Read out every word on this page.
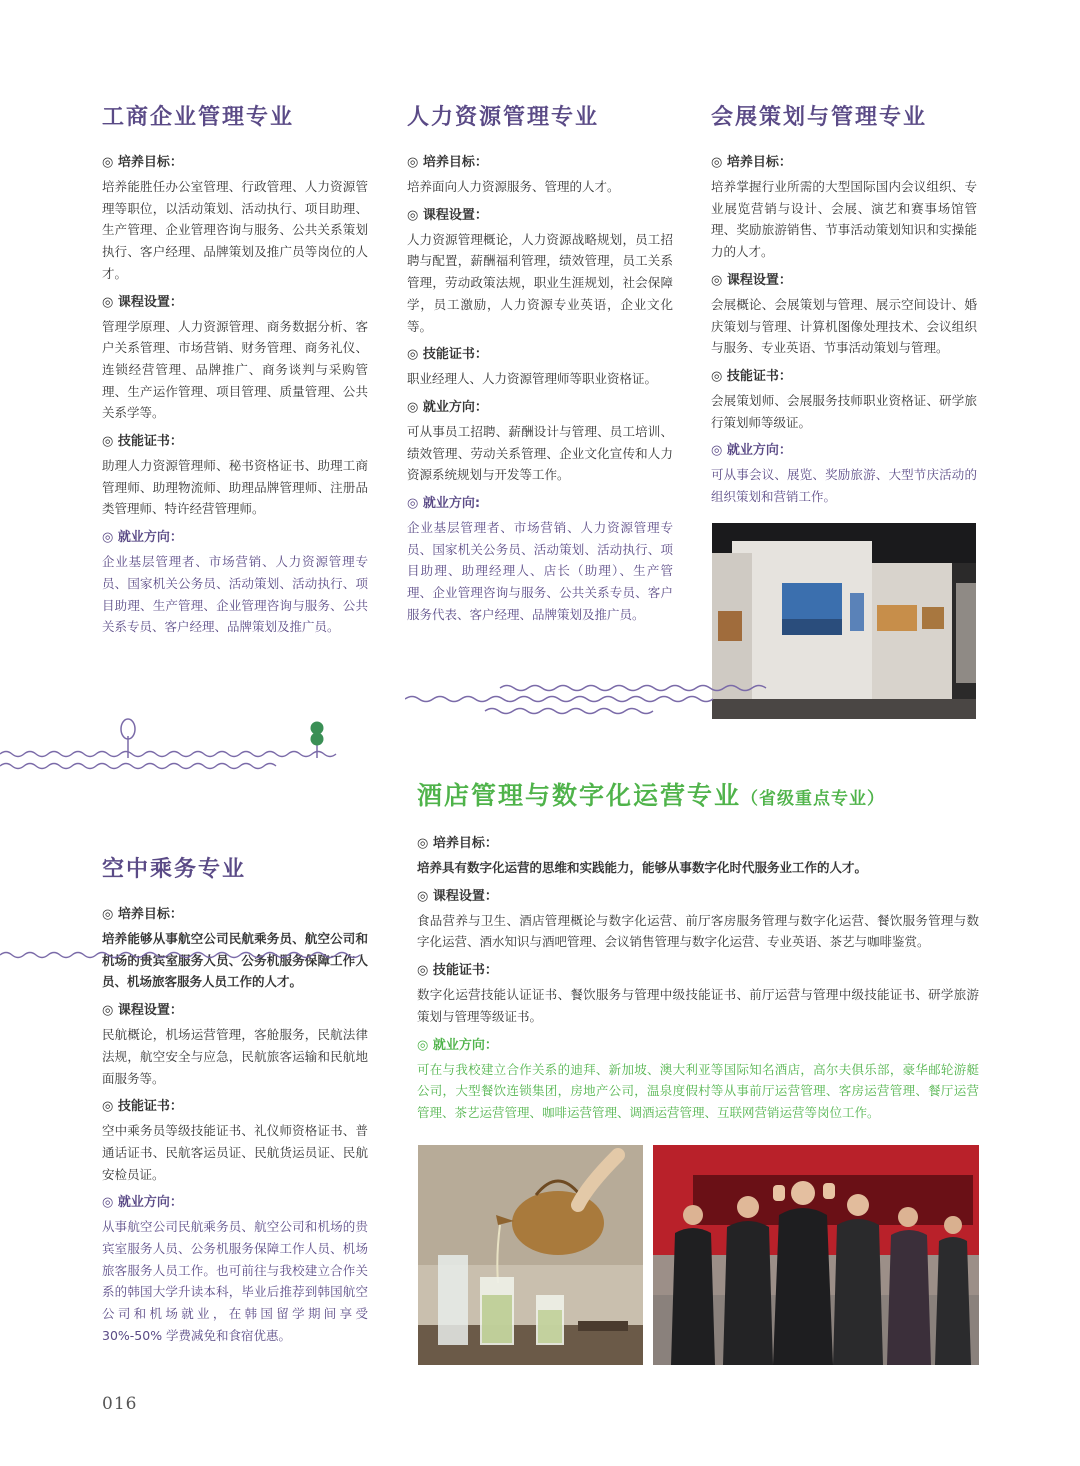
工商企业管理专业
◎ 培养目标：

培养能胜任办公室管理、行政管理、人力资源管理等职位，以活动策划、活动执行、项目助理、生产管理、企业管理咨询与服务、公共关系策划执行、客户经理、品牌策划及推广员等岗位的人才。

◎ 课程设置：

管理学原理、人力资源管理、商务数据分析、客户关系管理、市场营销、财务管理、商务礼仪、连锁经营管理、品牌推广、商务谈判与采购管理、生产运作管理、项目管理、质量管理、公共关系学等。

◎ 技能证书：

助理人力资源管理师、秘书资格证书、助理工商管理师、助理物流师、助理品牌管理师、注册品类管理师、特许经营管理师。

◎ 就业方向：

企业基层管理者、市场营销、人力资源管理专员、国家机关公务员、活动策划、活动执行、项目助理、生产管理、企业管理咨询与服务、公共关系专员、客户经理、品牌策划及推广员。

人力资源管理专业
◎ 培养目标：

培养面向人力资源服务、管理的人才。

◎ 课程设置：

人力资源管理概论，人力资源战略规划，员工招聘与配置，薪酬福利管理，绩效管理，员工关系管理，劳动政策法规，职业生涯规划，社会保障学，员工激励，人力资源专业英语，企业文化等。

◎ 技能证书：

职业经理人、人力资源管理师等职业资格证。

◎ 就业方向：

可从事员工招聘、薪酬设计与管理、员工培训、绩效管理、劳动关系管理、企业文化宣传和人力资源系统规划与开发等工作。

◎ 就业方向:

企业基层管理者、市场营销、人力资源管理专员、国家机关公务员、活动策划、活动执行、项目助理、助理经理人、店长（助理）、生产管理、企业管理咨询与服务、公共关系专员、客户服务代表、客户经理、品牌策划及推广员。

会展策划与管理专业
◎ 培养目标：

培养掌握行业所需的大型国际国内会议组织、专业展览营销与设计、会展、演艺和赛事场馆管理、奖励旅游销售、节事活动策划知识和实操能力的人才。

◎ 课程设置：

会展概论、会展策划与管理、展示空间设计、婚庆策划与管理、计算机图像处理技术、会议组织与服务、专业英语、节事活动策划与管理。

◎ 技能证书：

会展策划师、会展服务技师职业资格证、研学旅行策划师等级证。

◎ 就业方向：

可从事会议、展览、奖励旅游、大型节庆活动的组织策划和营销工作。

空中乘务专业
◎ 培养目标：

培养能够从事航空公司民航乘务员、航空公司和机场的贵宾室服务人员、公务机服务保障工作人员、机场旅客服务人员工作的人才。

◎ 课程设置：

民航概论，机场运营管理，客舱服务，民航法律法规，航空安全与应急，民航旅客运输和民航地面服务等。

◎ 技能证书：

空中乘务员等级技能证书、礼仪师资格证书、普通话证书、民航客运员证、民航货运员证、民航安检员证。

◎ 就业方向：

从事航空公司民航乘务员、航空公司和机场的贵宾室服务人员、公务机服务保障工作人员、机场旅客服务人员工作。也可前往与我校建立合作关系的韩国大学升读本科，毕业后推荐到韩国航空公司和机场就业，在韩国留学期间享受 30%-50% 学费减免和食宿优惠。

酒店管理与数字化运营专业（省级重点专业）
◎ 培养目标：

培养具有数字化运营的思维和实践能力，能够从事数字化时代服务业工作的人才。

◎ 课程设置：

食品营养与卫生、酒店管理概论与数字化运营、前厅客房服务管理与数字化运营、餐饮服务管理与数字化运营、酒水知识与酒吧管理、会议销售管理与数字化运营、专业英语、茶艺与咖啡鉴赏。

◎ 技能证书：

数字化运营技能认证证书、餐饮服务与管理中级技能证书、前厅运营与管理中级技能证书、研学旅游策划与管理等级证书。

◎ 就业方向：

可在与我校建立合作关系的迪拜、新加坡、澳大利亚等国际知名酒店，高尔夫俱乐部，豪华邮轮游艇公司，大型餐饮连锁集团，房地产公司，温泉度假村等从事前厅运营管理、客房运营管理、餐厅运营管理、茶艺运营管理、咖啡运营管理、调酒运营管理、互联网营销运营等岗位工作。

016
